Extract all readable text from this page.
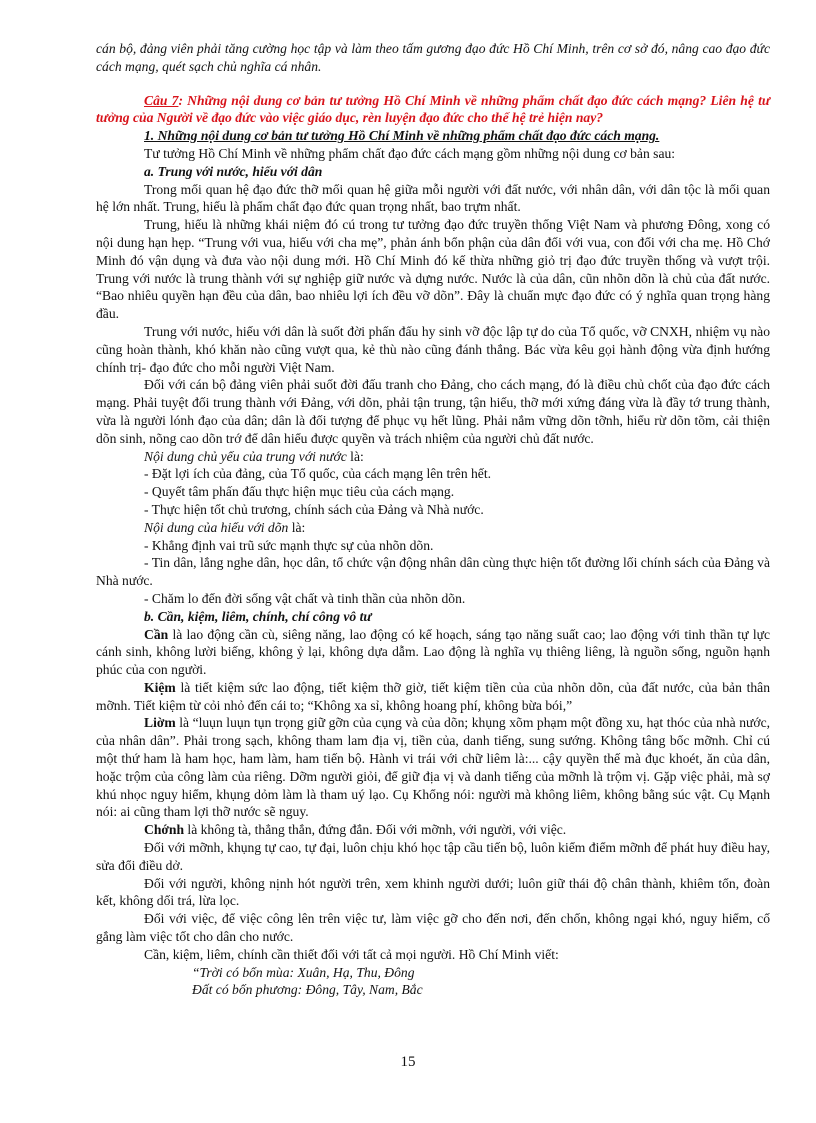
cán bộ, đảng viên phải tăng cường học tập và làm theo tấm gương đạo đức Hồ Chí Minh, trên cơ sở đó, nâng cao đạo đức cách mạng, quét sạch chủ nghĩa cá nhân.

Câu 7: Những nội dung cơ bản tư tưởng Hồ Chí Minh về những phẩm chất đạo đức cách mạng? Liên hệ tư tưởng của Người về đạo đức vào việc giáo dục, rèn luyện đạo đức cho thế hệ trẻ hiện nay?

1. Những nội dung cơ bản tư tưởng Hồ Chí Minh về những phẩm chất đạo đức cách mạng.

Tư tưởng Hồ Chí Minh về những phẩm chất đạo đức cách mạng gồm những nội dung cơ bản sau:

a. Trung với nước, hiếu với dân

Trong mối quan hệ đạo đức thỡ mối quan hệ giữa mỗi người với đất nước, với nhân dân, với dân tộc là mối quan hệ lớn nhất. Trung, hiếu là phẩm chất đạo đức quan trọng nhất, bao trựm nhất.

Trung, hiếu là những khái niệm đó cú trong tư tưởng đạo đức truyền thống Việt Nam và phương Đông, xong có nội dung hạn hẹp. “Trung với vua, hiếu với cha mẹ”, phản ánh bổn phận của dân đối với vua, con đối với cha mẹ. Hồ Chớ Minh đó vận dụng và đưa vào nội dung mới. Hồ Chí Minh đó kế thừa những giỏ trị đạo đức truyền thống và vượt trội. Trung với nước là trung thành với sự nghiệp giữ nước và dựng nước. Nước là của dân, cũn nhõn dõn là chủ của đất nước. “Bao nhiêu quyền hạn đều của dân, bao nhiêu lợi ích đều vỡ dõn”. Đây là chuẩn mực đạo đức có ý nghĩa quan trọng hàng đầu.

Trung với nước, hiếu với dân là suốt đời phấn đấu hy sinh vỡ độc lập tự do của Tổ quốc, vỡ CNXH, nhiệm vụ nào cũng hoàn thành, khó khăn nào cũng vượt qua, kẻ thù nào cũng đánh thắng. Bác vừa kêu gọi hành động vừa định hướng chính trị- đạo đức cho mỗi người Việt Nam.

Đối với cán bộ đảng viên phải suốt đời đấu tranh cho Đảng, cho cách mạng, đó là điều chủ chốt của đạo đức cách mạng. Phải tuyệt đối trung thành với Đảng, với dõn, phải tận trung, tận hiếu, thỡ mới xứng đáng vừa là đầy tớ trung thành, vừa là người lónh đạo của dân; dân là đối tượng để phục vụ hết lũng. Phải nắm vững dõn tỡnh, hiểu rừ dõn tõm, cải thiện dõn sinh, nõng cao dõn trớ để dân hiểu được quyền và trách nhiệm của người chủ đất nước.

Nội dung chủ yếu của trung với nước là:

- Đặt lợi ích của đảng, của Tổ quốc, của cách mạng lên trên hết.

- Quyết tâm phấn đấu thực hiện mục tiêu của cách mạng.

- Thực hiện tốt chủ trương, chính sách của Đảng và Nhà nước.

Nội dung của hiếu với dõn là:

- Khẳng định vai trũ sức mạnh thực sự của nhõn dõn.

- Tin dân, lắng nghe dân, học dân, tổ chức vận động nhân dân cùng thực hiện tốt đường lối chính sách của Đảng và Nhà nước.

- Chăm lo đến đời sống vật chất và tinh thần của nhõn dõn.

b. Cần, kiệm, liêm, chính, chí công vô tư

Cần là lao động cần cù, siêng năng, lao động có kế hoạch, sáng tạo năng suất cao; lao động với tinh thần tự lực cánh sinh, không lười biếng, không ỷ lại, không dựa dẫm. Lao động là nghĩa vụ thiêng liêng, là nguồn sống, nguồn hạnh phúc của con người.

Kiệm là tiết kiệm sức lao động, tiết kiệm thỡ giờ, tiết kiệm tiền của của nhõn dõn, của đất nước, của bản thân mỡnh. Tiết kiệm từ cỏi nhỏ đến cái to; “Không xa sỉ, không hoang phí, không bừa bói,”

Liờm là “luụn luụn tụn trọng giữ gỡn của cụng và của dõn; khụng xõm phạm một đồng xu, hạt thóc của nhà nước, của nhân dân”. Phải trong sạch, không tham lam địa vị, tiền của, danh tiếng, sung sướng. Không tâng bốc mỡnh. Chỉ cú một thứ ham là ham học, ham làm, ham tiến bộ. Hành vi trái với chữ liêm là:... cậy quyền thế mà đục khoét, ăn của dân, hoặc trộm của công làm của riêng. Dỡm người giỏi, để giữ địa vị và danh tiếng của mỡnh là trộm vị. Gặp việc phải, mà sợ khú nhọc nguy hiểm, khụng dỏm làm là tham uý lạo. Cụ Khổng nói: người mà không liêm, không bằng súc vật. Cụ Mạnh nói: ai cũng tham lợi thỡ nước sẽ nguy.

Chớnh là không tà, thẳng thắn, đứng đắn. Đối với mỡnh, với người, với việc.

Đối với mỡnh, khụng tự cao, tự đại, luôn chịu khó học tập cầu tiến bộ, luôn kiểm điểm mỡnh để phát huy điều hay, sửa đổi điều dở.

Đối với người, không nịnh hót người trên, xem khinh người dưới; luôn giữ thái độ chân thành, khiêm tốn, đoàn kết, không dối trá, lừa lọc.

Đối với việc, để việc công lên trên việc tư, làm việc gỡ cho đến nơi, đến chốn, không ngại khó, nguy hiểm, cố gắng làm việc tốt cho dân cho nước.

Cần, kiệm, liêm, chính cần thiết đối với tất cả mọi người. Hồ Chí Minh viết:

“Trời có bốn mùa: Xuân, Hạ, Thu, Đông

Đất có bốn phương: Đông, Tây, Nam, Bắc

15
